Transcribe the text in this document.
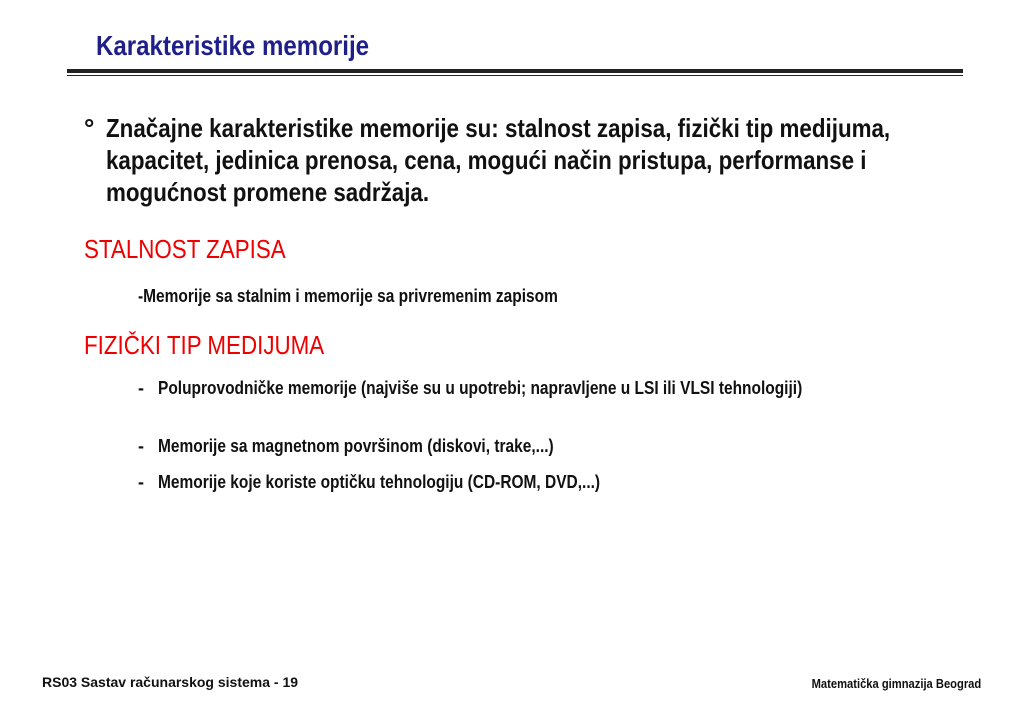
Karakteristike memorije
° Značajne karakteristike memorije su: stalnost zapisa, fizički tip medijuma, kapacitet, jedinica prenosa, cena, mogući način pristupa, performanse i mogućnost promene sadržaja.
STALNOST ZAPISA
-Memorije sa stalnim i memorije sa privremenim zapisom
FIZIČKI TIP MEDIJUMA
- Poluprovodničke memorije (najviše su u upotrebi; napravljene u LSI ili VLSI tehnologiji)
- Memorije sa magnetnom površinom (diskovi, trake,...)
- Memorije koje koriste optičku tehnologiju (CD-ROM, DVD,...)
RS03 Sastav računarskog sistema - 19	Matematička gimnazija Beograd
